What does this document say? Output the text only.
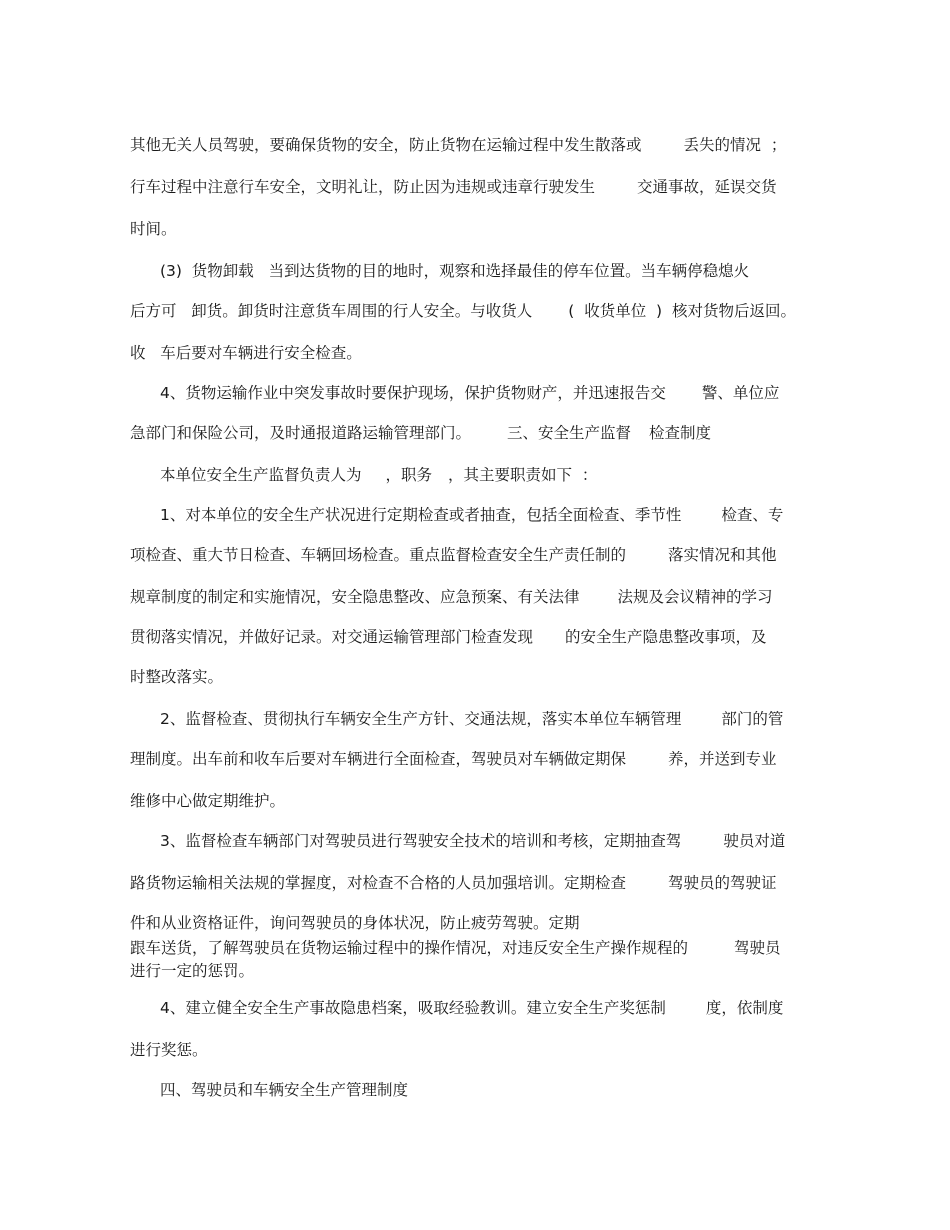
其他无关人员驾驶，要确保货物的安全，防止货物在运输过程中发生散落或	丢失的情况  ；
行车过程中注意行车安全，文明礼让，防止因为违规或违章行驶发生	交通事故，延误交货
时间。
(3)  货物卸载   当到达货物的目的地时，观察和选择最佳的停车位置。当车辆停稳熄火
后方可   卸货。卸货时注意货车周围的行人安全。与收货人 (  收货单位  )  核对货物后返回。
收   车后要对车辆进行安全检查。
4、货物运输作业中突发事故时要保护现场，保护货物财产，并迅速报告交 警、单位应
急部门和保险公司，及时通报道路运输管理部门。 三、安全生产监督 检查制度
本单位安全生产监督负责人为 ，职务 ，其主要职责如下  ：
1、对本单位的安全生产状况进行定期检查或者抽查，包括全面检查、季节性	检查、专
项检查、重大节日检查、车辆回场检查。重点监督检查安全生产责任制的	落实情况和其他
规章制度的制定和实施情况，安全隐患整改、应急预案、有关法律 法规及会议精神的学习
贯彻落实情况，并做好记录。对交通运输管理部门检查发现 的安全生产隐患整改事项，及
时整改落实。
2、监督检查、贯彻执行车辆安全生产方针、交通法规，落实本单位车辆管理	部门的管
理制度。出车前和收车后要对车辆进行全面检查，驾驶员对车辆做定期保	养，并送到专业
维修中心做定期维护。
3、监督检查车辆部门对驾驶员进行驾驶安全技术的培训和考核，定期抽查驾	驶员对道
路货物运输相关法规的掌握度，对检查不合格的人员加强培训。定期检查	驾驶员的驾驶证
件和从业资格证件，询问驾驶员的身体状况，防止疲劳驾驶。定期
跟车送货，了解驾驶员在货物运输过程中的操作情况，对违反安全生产操作规程的	驾驶员
进行一定的惩罚。
4、建立健全安全生产事故隐患档案，吸取经验教训。建立安全生产奖惩制	度，依制度
进行奖惩。
四、驾驶员和车辆安全生产管理制度
